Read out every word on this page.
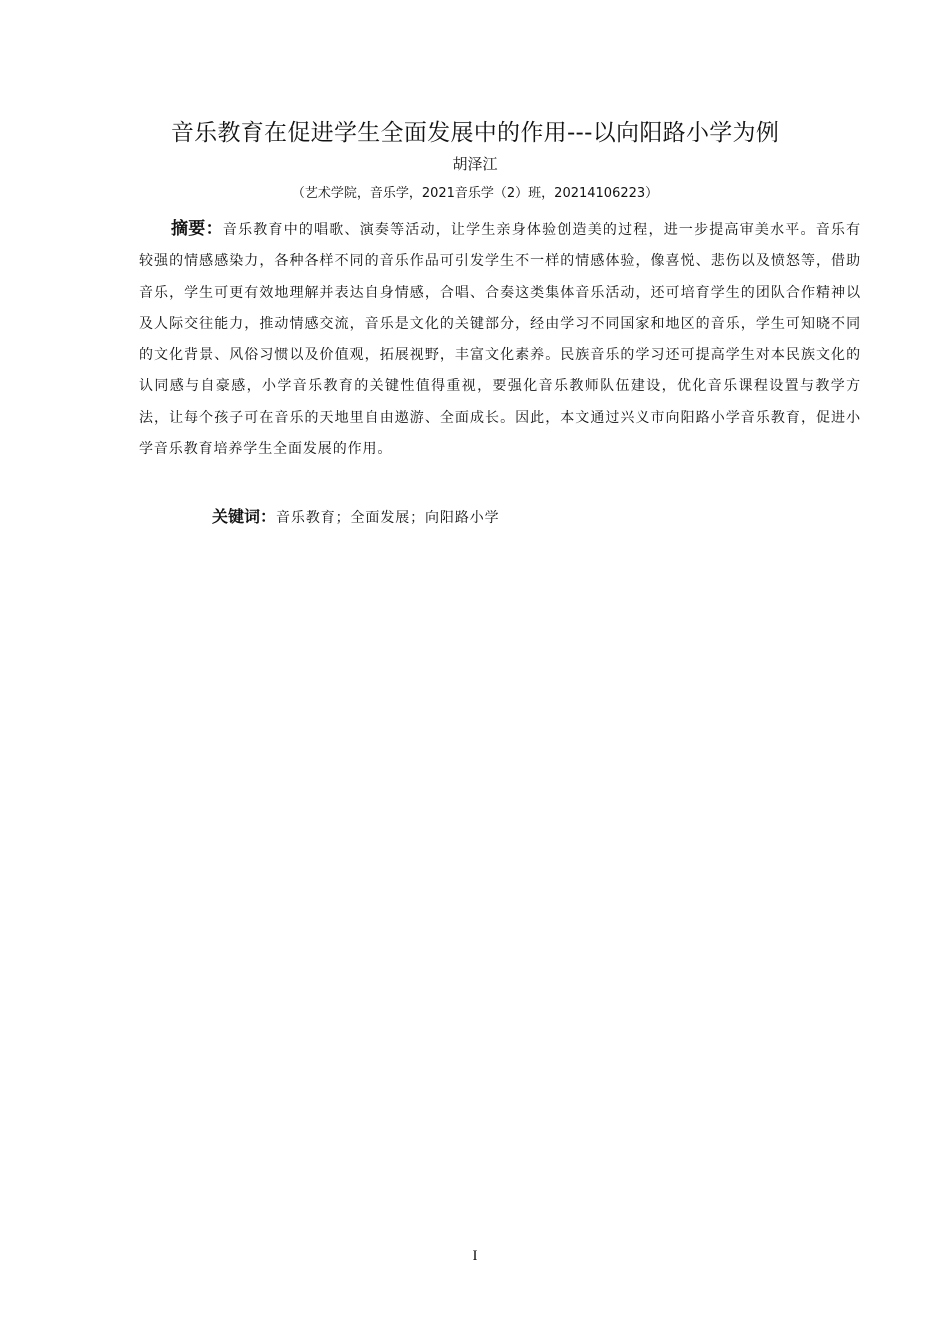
音乐教育在促进学生全面发展中的作用---以向阳路小学为例
胡泽江
（艺术学院，音乐学，2021音乐学（2）班，20214106223）
摘要：音乐教育中的唱歌、演奏等活动，让学生亲身体验创造美的过程，进一步提高审美水平。音乐有较强的情感感染力，各种各样不同的音乐作品可引发学生不一样的情感体验，像喜悦、悲伤以及愤怒等，借助音乐，学生可更有效地理解并表达自身情感，合唱、合奏这类集体音乐活动，还可培育学生的团队合作精神以及人际交往能力，推动情感交流，音乐是文化的关键部分，经由学习不同国家和地区的音乐，学生可知晓不同的文化背景、风俗习惯以及价值观，拓展视野，丰富文化素养。民族音乐的学习还可提高学生对本民族文化的认同感与自豪感，小学音乐教育的关键性值得重视，要强化音乐教师队伍建设，优化音乐课程设置与教学方法，让每个孩子可在音乐的天地里自由遨游、全面成长。因此，本文通过兴义市向阳路小学音乐教育，促进小学音乐教育培养学生全面发展的作用。
关键词：音乐教育；全面发展；向阳路小学
I
